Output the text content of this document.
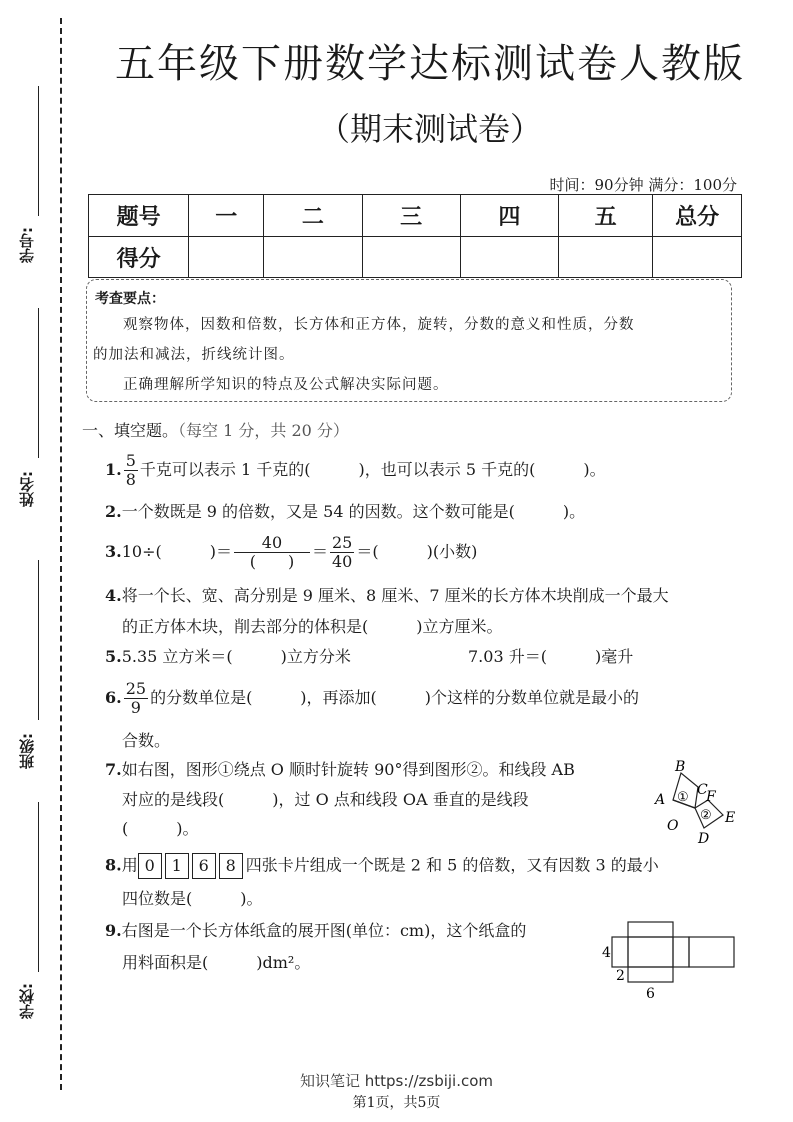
学号:
姓名:
班级:
学校:
五年级下册数学达标测试卷人教版
（期末测试卷）
时间：90分钟 满分：100分
题号	一	二	三	四	五	总分
得分						
考查要点：
观察物体，因数和倍数，长方体和正方体，旋转，分数的意义和性质，分数
的加法和减法，折线统计图。
正确理解所学知识的特点及公式解决实际问题。
一、填空题。（每空 1 分，共 20 分）
1. $\frac{5}{8}$ 千克可以表示 1 千克的(　　　)，也可以表示 5 千克的(　　　)。
2.一个数既是 9 的倍数，又是 54 的因数。这个数可能是(　　　)。
3.10÷(　　　)＝ $\frac{40}{( )} = \frac{25}{40}$ ＝(　　　)(小数)
4.将一个长、宽、高分别是 9 厘米、8 厘米、7 厘米的长方体木块削成一个最大
的正方体木块，削去部分的体积是(　　　)立方厘米。
5.5.35 立方米＝(　　　)立方分米	7.03 升＝(　　　)毫升
6. $\frac{25}{9}$ 的分数单位是(　　　)，再添加(　　　)个这样的分数单位就是最小的
合数。
7.如右图，图形①绕点 O 顺时针旋转 90°得到图形②。和线段 AB
对应的是线段(　　　)，过 O 点和线段 OA 垂直的是线段
(　　　)。
B
A ① C
F
②
O	E
D
8.用 0 1 6 8 四张卡片组成一个既是 2 和 5 的倍数，又有因数 3 的最小
四位数是(　　　)。
9.右图是一个长方体纸盒的展开图(单位：cm)，这个纸盒的
用料面积是(　　　)dm²。	4
2
6
知识笔记 https://zsbiji.com
第1页，共5页
